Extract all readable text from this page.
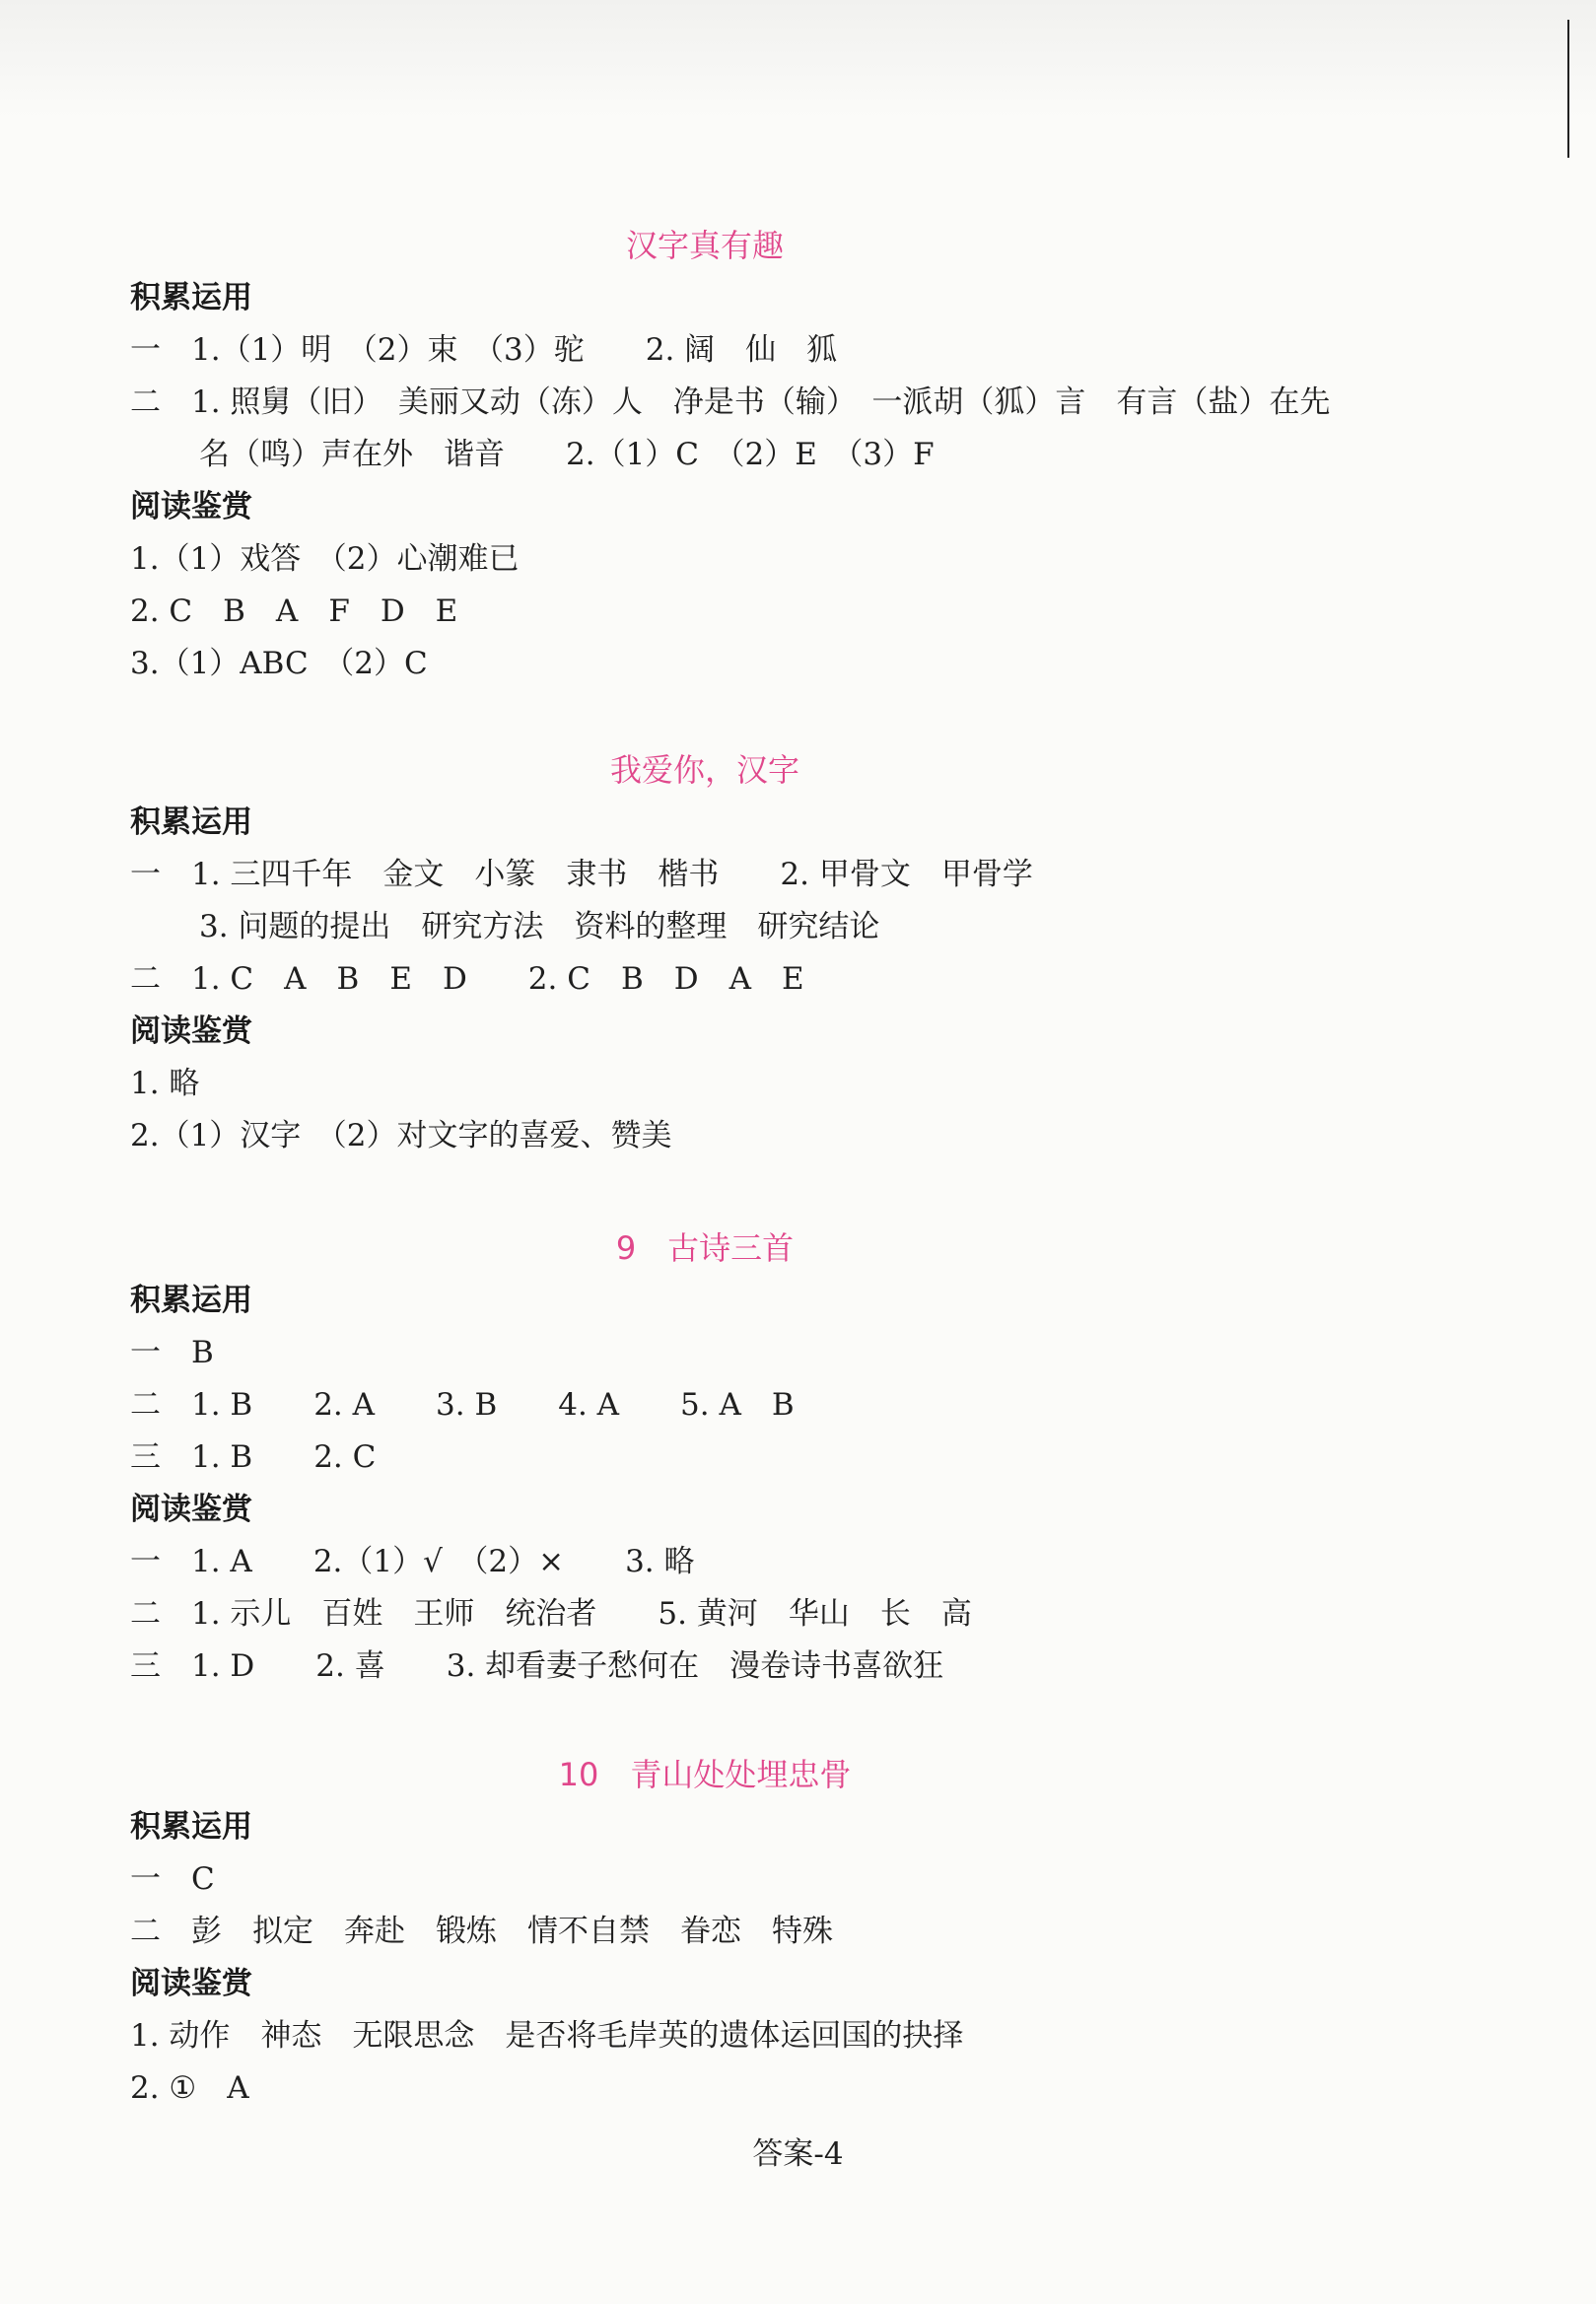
汉字真有趣
积累运用
一　1.（1）明　（2）束　（3）驼　　2. 阔　仙　狐
二　1. 照舅（旧）　美丽又动（冻）人　净是书（输）　一派胡（狐）言　有言（盐）在先
名（鸣）声在外　谐音　　2.（1）C　（2）E　（3）F
阅读鉴赏
1.（1）戏答　（2）心潮难已
2. C　B　A　F　D　E
3.（1）ABC　（2）C
我爱你，汉字
积累运用
一　1. 三四千年　金文　小篆　隶书　楷书　　2. 甲骨文　甲骨学
3. 问题的提出　研究方法　资料的整理　研究结论
二　1. C　A　B　E　D　　2. C　B　D　A　E
阅读鉴赏
1. 略
2.（1）汉字　（2）对文字的喜爱、赞美
9　古诗三首
积累运用
一　B
二　1. B　　2. A　　3. B　　4. A　　5. A　B
三　1. B　　2. C
阅读鉴赏
一　1. A　　2.（1）√　（2）×　　3. 略
二　1. 示儿　百姓　王师　统治者　　5. 黄河　华山　长　高
三　1. D　　2. 喜　　3. 却看妻子愁何在　漫卷诗书喜欲狂
10　青山处处埋忠骨
积累运用
一　C
二　彭　拟定　奔赴　锻炼　情不自禁　眷恋　特殊
阅读鉴赏
1. 动作　神态　无限思念　是否将毛岸英的遗体运回国的抉择
2. ①　A
答案-4
